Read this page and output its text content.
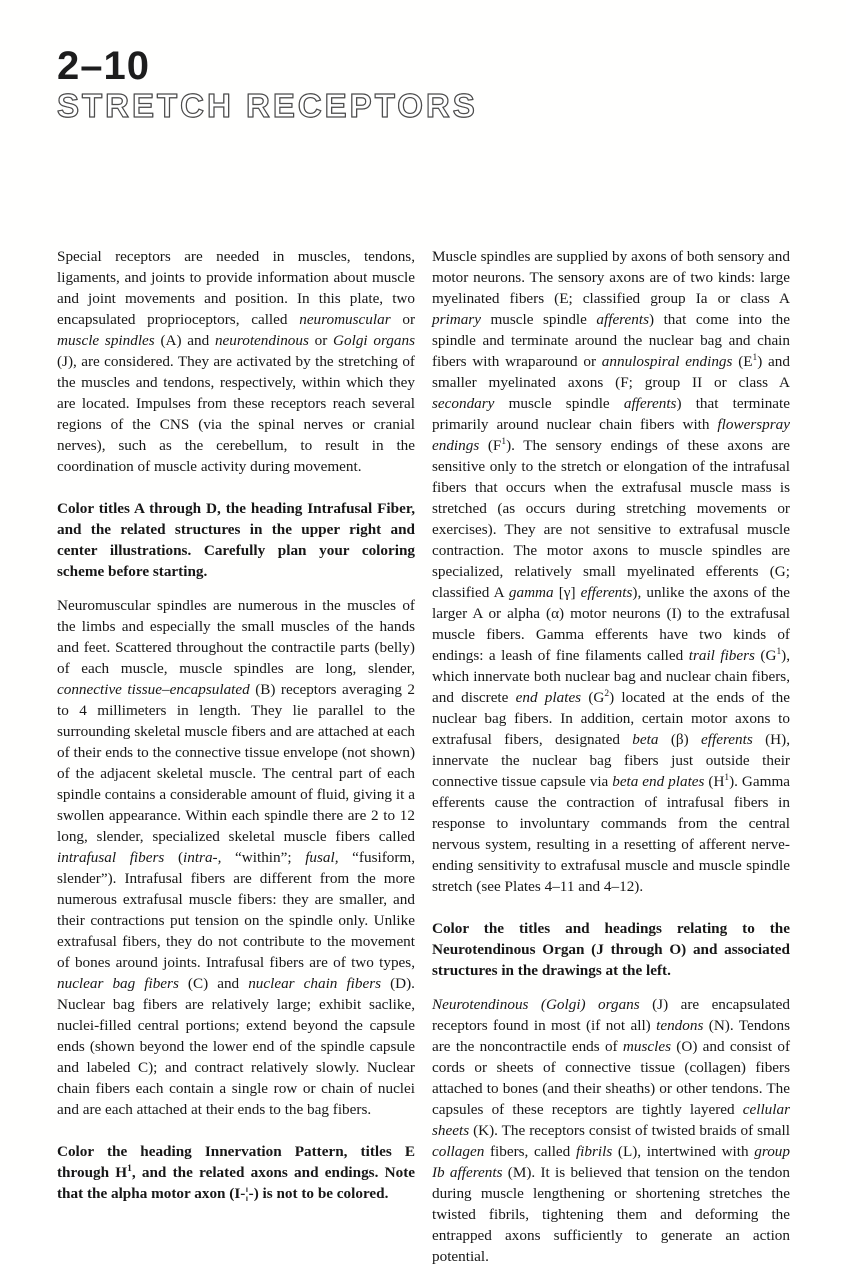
2–10
STRETCH RECEPTORS

Special receptors are needed in muscles, tendons, ligaments, and joints to provide information about muscle and joint movements and position. In this plate, two encapsulated proprioceptors, called neuromuscular or muscle spindles (A) and neurotendinous or Golgi organs (J), are considered. They are activated by the stretching of the muscles and tendons, respectively, within which they are located. Impulses from these receptors reach several regions of the CNS (via the spinal nerves or cranial nerves), such as the cerebellum, to result in the coordination of muscle activity during movement.

Color titles A through D, the heading Intrafusal Fiber, and the related structures in the upper right and center illustrations. Carefully plan your coloring scheme before starting.

Neuromuscular spindles are numerous in the muscles of the limbs and especially the small muscles of the hands and feet. Scattered throughout the contractile parts (belly) of each muscle, muscle spindles are long, slender, connective tissue–encapsulated (B) receptors averaging 2 to 4 millimeters in length. They lie parallel to the surrounding skeletal muscle fibers and are attached at each of their ends to the connective tissue envelope (not shown) of the adjacent skeletal muscle. The central part of each spindle contains a considerable amount of fluid, giving it a swollen appearance. Within each spindle there are 2 to 12 long, slender, specialized skeletal muscle fibers called intrafusal fibers (intra-, “within”; fusal, “fusiform, slender”). Intrafusal fibers are different from the more numerous extrafusal muscle fibers: they are smaller, and their contractions put tension on the spindle only. Unlike extrafusal fibers, they do not contribute to the movement of bones around joints. Intrafusal fibers are of two types, nuclear bag fibers (C) and nuclear chain fibers (D). Nuclear bag fibers are relatively large; exhibit saclike, nuclei-filled central portions; extend beyond the capsule ends (shown beyond the lower end of the spindle capsule and labeled C); and contract relatively slowly. Nuclear chain fibers each contain a single row or chain of nuclei and are each attached at their ends to the bag fibers.

Color the heading Innervation Pattern, titles E through $H^1$, and the related axons and endings. Note that the alpha motor axon (I-¦-) is not to be colored.

Muscle spindles are supplied by axons of both sensory and motor neurons. The sensory axons are of two kinds: large myelinated fibers (E; classified group Ia or class A primary muscle spindle afferents) that come into the spindle and terminate around the nuclear bag and chain fibers with wraparound or annulospiral endings $(E^1)$ and smaller myelinated axons (F; group II or class A secondary muscle spindle afferents) that terminate primarily around nuclear chain fibers with flowerspray endings $(F^1)$. The sensory endings of these axons are sensitive only to the stretch or elongation of the intrafusal fibers that occurs when the extrafusal muscle mass is stretched (as occurs during stretching movements or exercises). They are not sensitive to extrafusal muscle contraction. The motor axons to muscle spindles are specialized, relatively small myelinated efferents (G; classified A gamma [γ] efferents), unlike the axons of the larger A or alpha (α) motor neurons (I) to the extrafusal muscle fibers. Gamma efferents have two kinds of endings: a leash of fine filaments called trail fibers $(G^1)$, which innervate both nuclear bag and nuclear chain fibers, and discrete end plates $(G^2)$ located at the ends of the nuclear bag fibers. In addition, certain motor axons to extrafusal fibers, designated beta (β) efferents (H), innervate the nuclear bag fibers just outside their connective tissue capsule via beta end plates $(H^1)$. Gamma efferents cause the contraction of intrafusal fibers in response to involuntary commands from the central nervous system, resulting in a resetting of afferent nerve-ending sensitivity to extrafusal muscle and muscle spindle stretch (see Plates 4–11 and 4–12).

Color the titles and headings relating to the Neurotendinous Organ (J through O) and associated structures in the drawings at the left.

Neurotendinous (Golgi) organs (J) are encapsulated receptors found in most (if not all) tendons (N). Tendons are the noncontractile ends of muscles (O) and consist of cords or sheets of connective tissue (collagen) fibers attached to bones (and their sheaths) or other tendons. The capsules of these receptors are tightly layered cellular sheets (K). The receptors consist of twisted braids of small collagen fibers, called fibrils (L), intertwined with group Ib afferents (M). It is believed that tension on the tendon during muscle lengthening or shortening stretches the twisted fibrils, tightening them and deforming the entrapped axons sufficiently to generate an action potential.
